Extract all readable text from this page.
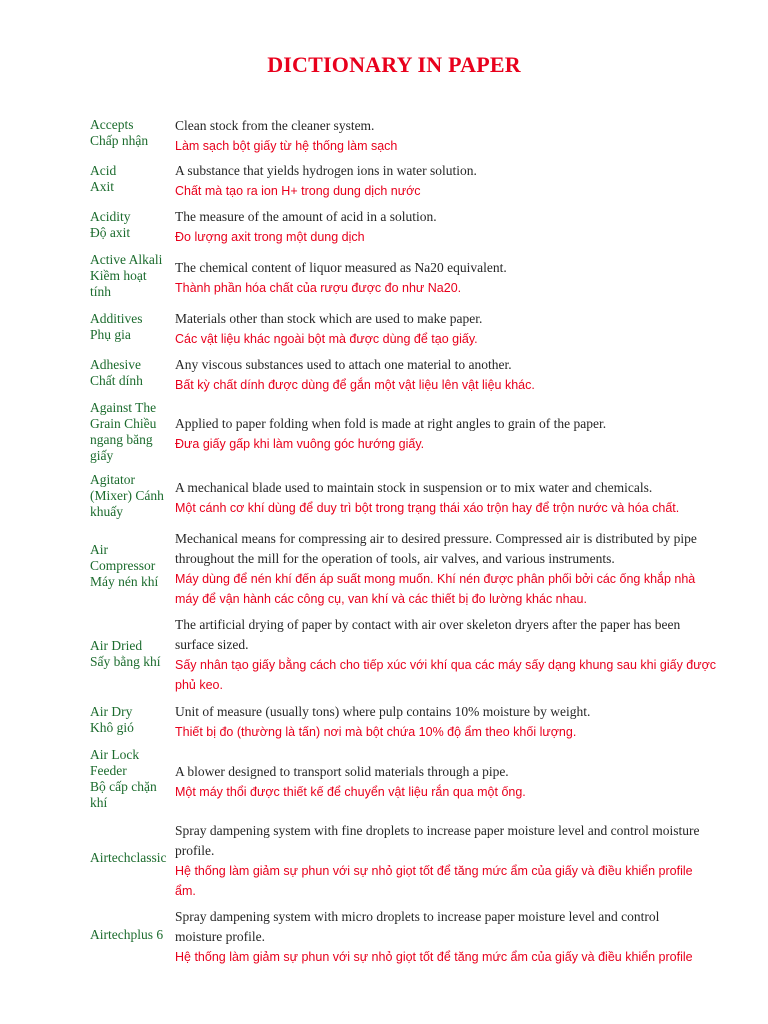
DICTIONARY IN PAPER
Accepts
Chấp nhận
Clean stock from the cleaner system.
Làm sạch bột giấy từ hệ thống làm sạch
Acid
Axit
A substance that yields hydrogen ions in water solution.
Chất mà tạo ra ion H+ trong dung dịch nước
Acidity
Độ axit
The measure of the amount of acid in a solution.
Đo lượng axit trong một dung dịch
Active Alkali
Kiềm hoạt
tính
The chemical content of liquor measured as Na20 equivalent.
Thành phần hóa chất của rượu được đo như Na20.
Additives
Phụ gia
Materials other than stock which are used to make paper.
Các vật liệu khác ngoài bột mà được dùng để tạo giấy.
Adhesive
Chất dính
Any viscous substances used to attach one material to another.
Bất kỳ chất dính được dùng để gắn một vật liệu lên vật liệu khác.
Against The
Grain Chiều
ngang băng
giấy
Applied to paper folding when fold is made at right angles to grain of the paper.
Đưa giấy gấp khi làm vuông góc hướng giấy.
Agitator
(Mixer) Cánh
khuấy
A mechanical blade used to maintain stock in suspension or to mix water and chemicals.
Một cánh cơ khí dùng để duy trì bột trong trạng thái xáo trộn hay để trộn nước và hóa chất.
Air
Compressor
Máy nén khí
Mechanical means for compressing air to desired pressure. Compressed air is distributed by pipe
throughout the mill for the operation of tools, air valves, and various instruments.
Máy dùng để nén khí đến áp suất mong muốn. Khí nén được phân phối bởi các ống khắp nhà
máy để vận hành các công cụ, van khí và các thiết bị đo lường khác nhau.
Air Dried
Sấy bằng khí
The artificial drying of paper by contact with air over skeleton dryers after the paper has been
surface sized.
Sấy nhân tạo giấy bằng cách cho tiếp xúc với khí qua các máy sấy dạng khung sau khi giấy được
phủ keo.
Air Dry
Khô gió
Unit of measure (usually tons) where pulp contains 10% moisture by weight.
Thiết bị đo (thường là tấn) nơi mà bột chứa 10% độ ẩm theo khối lượng.
Air Lock
Feeder
Bộ cấp chặn
khí
A blower designed to transport solid materials through a pipe.
Một máy thổi được thiết kế để chuyển vật liệu rắn qua một ống.
Airtechclassic
Spray dampening system with fine droplets to increase paper moisture level and control moisture
profile.
Hệ thống làm giảm sự phun với sự nhỏ giọt tốt để tăng mức ẩm của giấy và điều khiển profile
ẩm.
Airtechplus 6
Spray dampening system with micro droplets to increase paper moisture level and control
moisture profile.
Hệ thống làm giảm sự phun với sự nhỏ giọt tốt để tăng mức ẩm của giấy và điều khiển profile
